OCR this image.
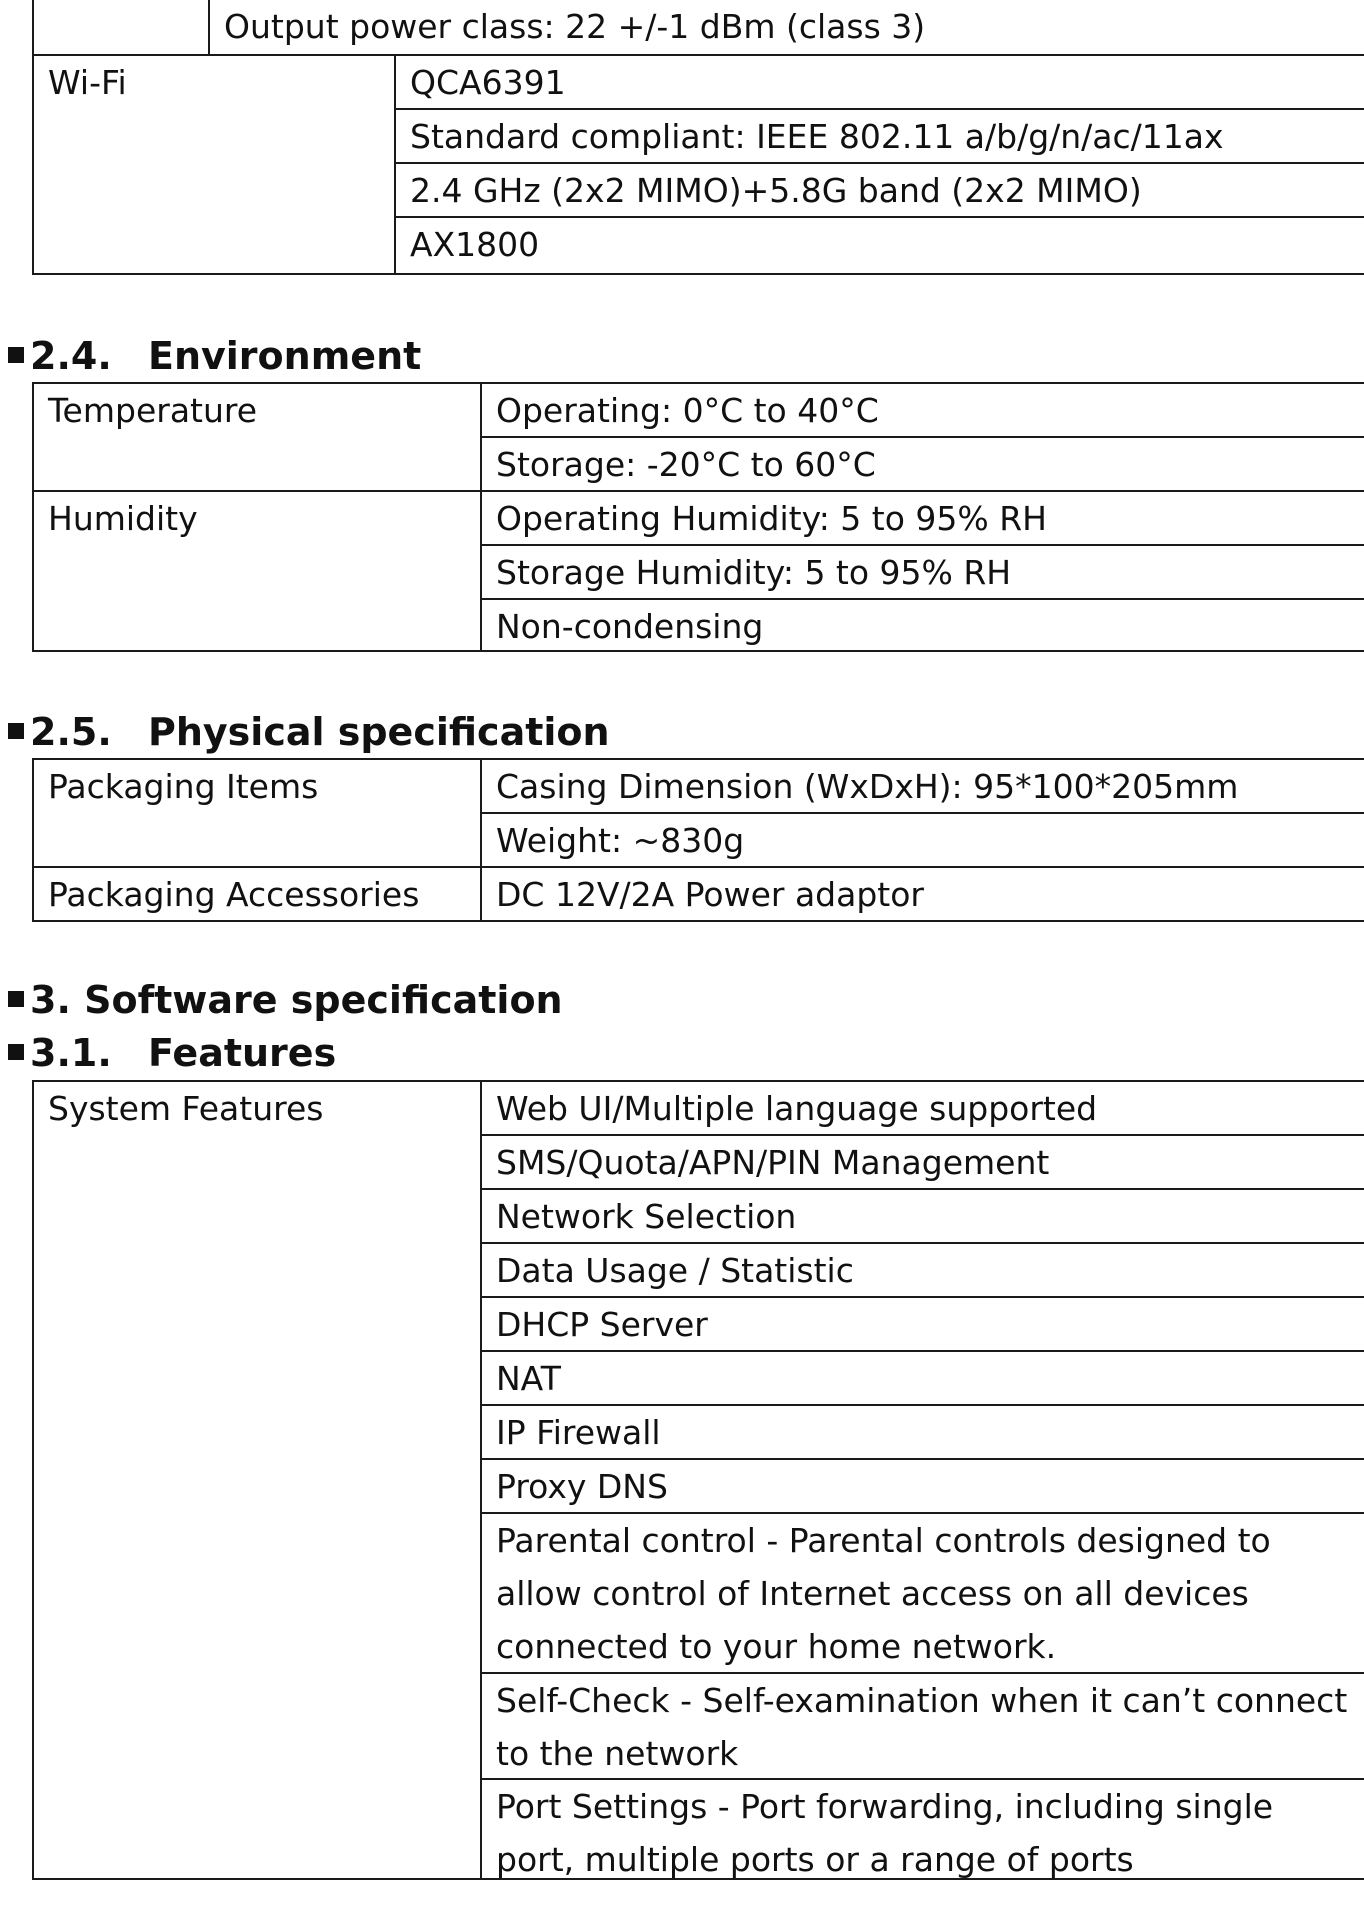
Output power class: 22 +/-1 dBm (class 3)
Wi-Fi	QCA6391
Standard compliant: IEEE 802.11 a/b/g/n/ac/11ax
2.4 GHz (2x2 MIMO)+5.8G band (2x2 MIMO)
AX1800
2.4. Environment
Temperature	Operating: 0°C to 40°C
Storage: -20°C to 60°C
Humidity	Operating Humidity: 5 to 95% RH
Storage Humidity: 5 to 95% RH
Non-condensing
2.5. Physical specification
Packaging Items	Casing Dimension (WxDxH): 95*100*205mm
Weight: ~830g
Packaging Accessories	DC 12V/2A Power adaptor
3. Software specification
3.1. Features
System Features	Web UI/Multiple language supported
SMS/Quota/APN/PIN Management
Network Selection
Data Usage / Statistic
DHCP Server
NAT
IP Firewall
Proxy DNS
Parental control - Parental controls designed to allow control of Internet access on all devices connected to your home network.
Self-Check - Self-examination when it can’t connect to the network
Port Settings - Port forwarding, including single port, multiple ports or a range of ports
